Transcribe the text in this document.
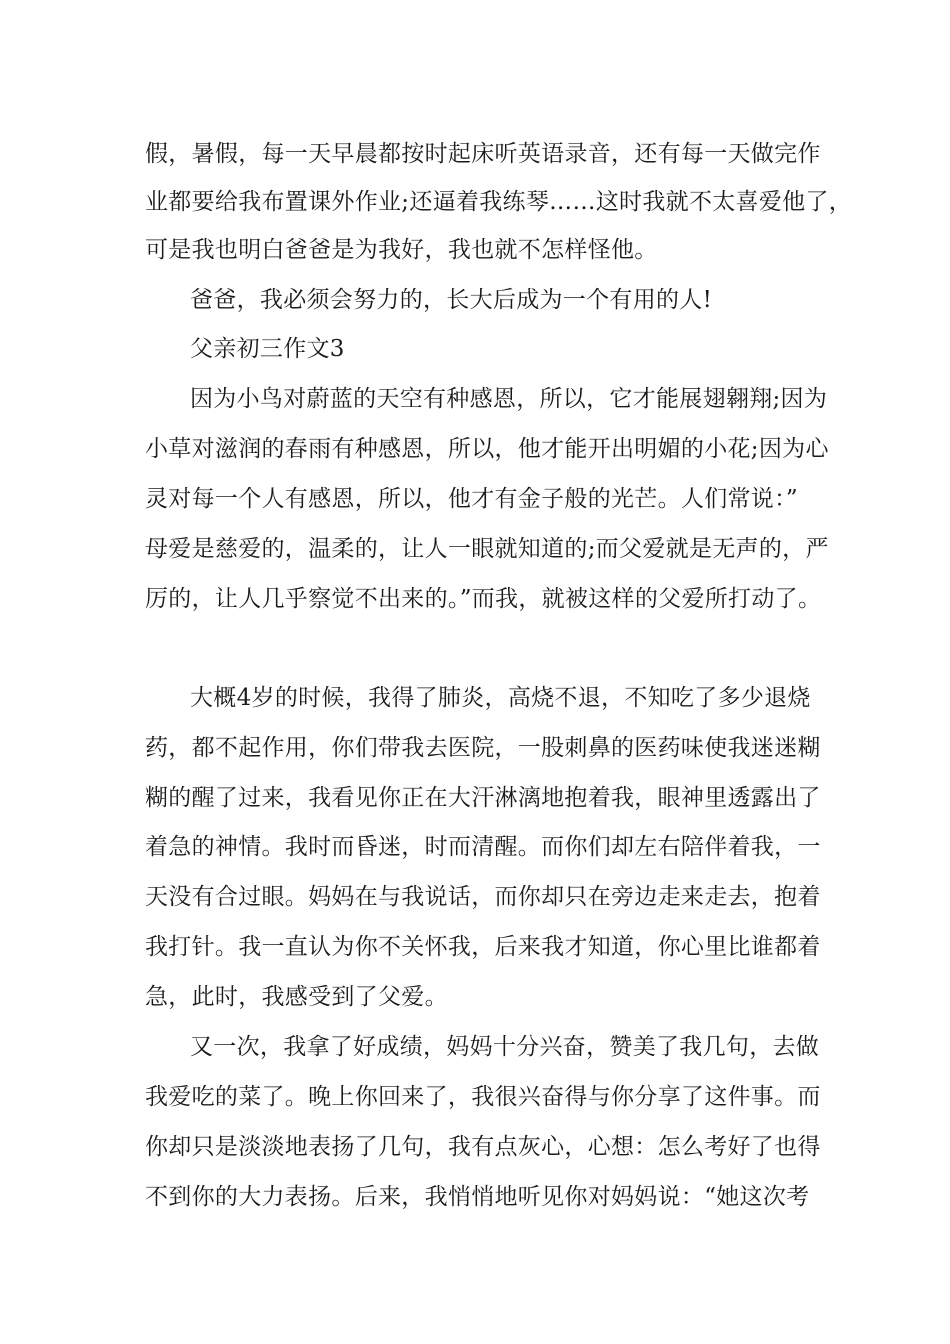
假，暑假，每一天早晨都按时起床听英语录音，还有每一天做完作
业都要给我布置课外作业;还逼着我练琴……这时我就不太喜爱他了，
可是我也明白爸爸是为我好，我也就不怎样怪他。
爸爸，我必须会努力的，长大后成为一个有用的人!
父亲初三作文3
因为小鸟对蔚蓝的天空有种感恩，所以，它才能展翅翱翔;因为
小草对滋润的春雨有种感恩，所以，他才能开出明媚的小花;因为心
灵对每一个人有感恩，所以，他才有金子般的光芒。人们常说：”
母爱是慈爱的，温柔的，让人一眼就知道的;而父爱就是无声的，严
厉的，让人几乎察觉不出来的。”而我，就被这样的父爱所打动了。
大概4岁的时候，我得了肺炎，高烧不退，不知吃了多少退烧
药，都不起作用，你们带我去医院，一股刺鼻的医药味使我迷迷糊
糊的醒了过来，我看见你正在大汗淋漓地抱着我，眼神里透露出了
着急的神情。我时而昏迷，时而清醒。而你们却左右陪伴着我，一
天没有合过眼。妈妈在与我说话，而你却只在旁边走来走去，抱着
我打针。我一直认为你不关怀我，后来我才知道，你心里比谁都着
急，此时，我感受到了父爱。
又一次，我拿了好成绩，妈妈十分兴奋，赞美了我几句，去做
我爱吃的菜了。晚上你回来了，我很兴奋得与你分享了这件事。而
你却只是淡淡地表扬了几句，我有点灰心，心想：怎么考好了也得
不到你的大力表扬。后来，我悄悄地听见你对妈妈说：“她这次考
